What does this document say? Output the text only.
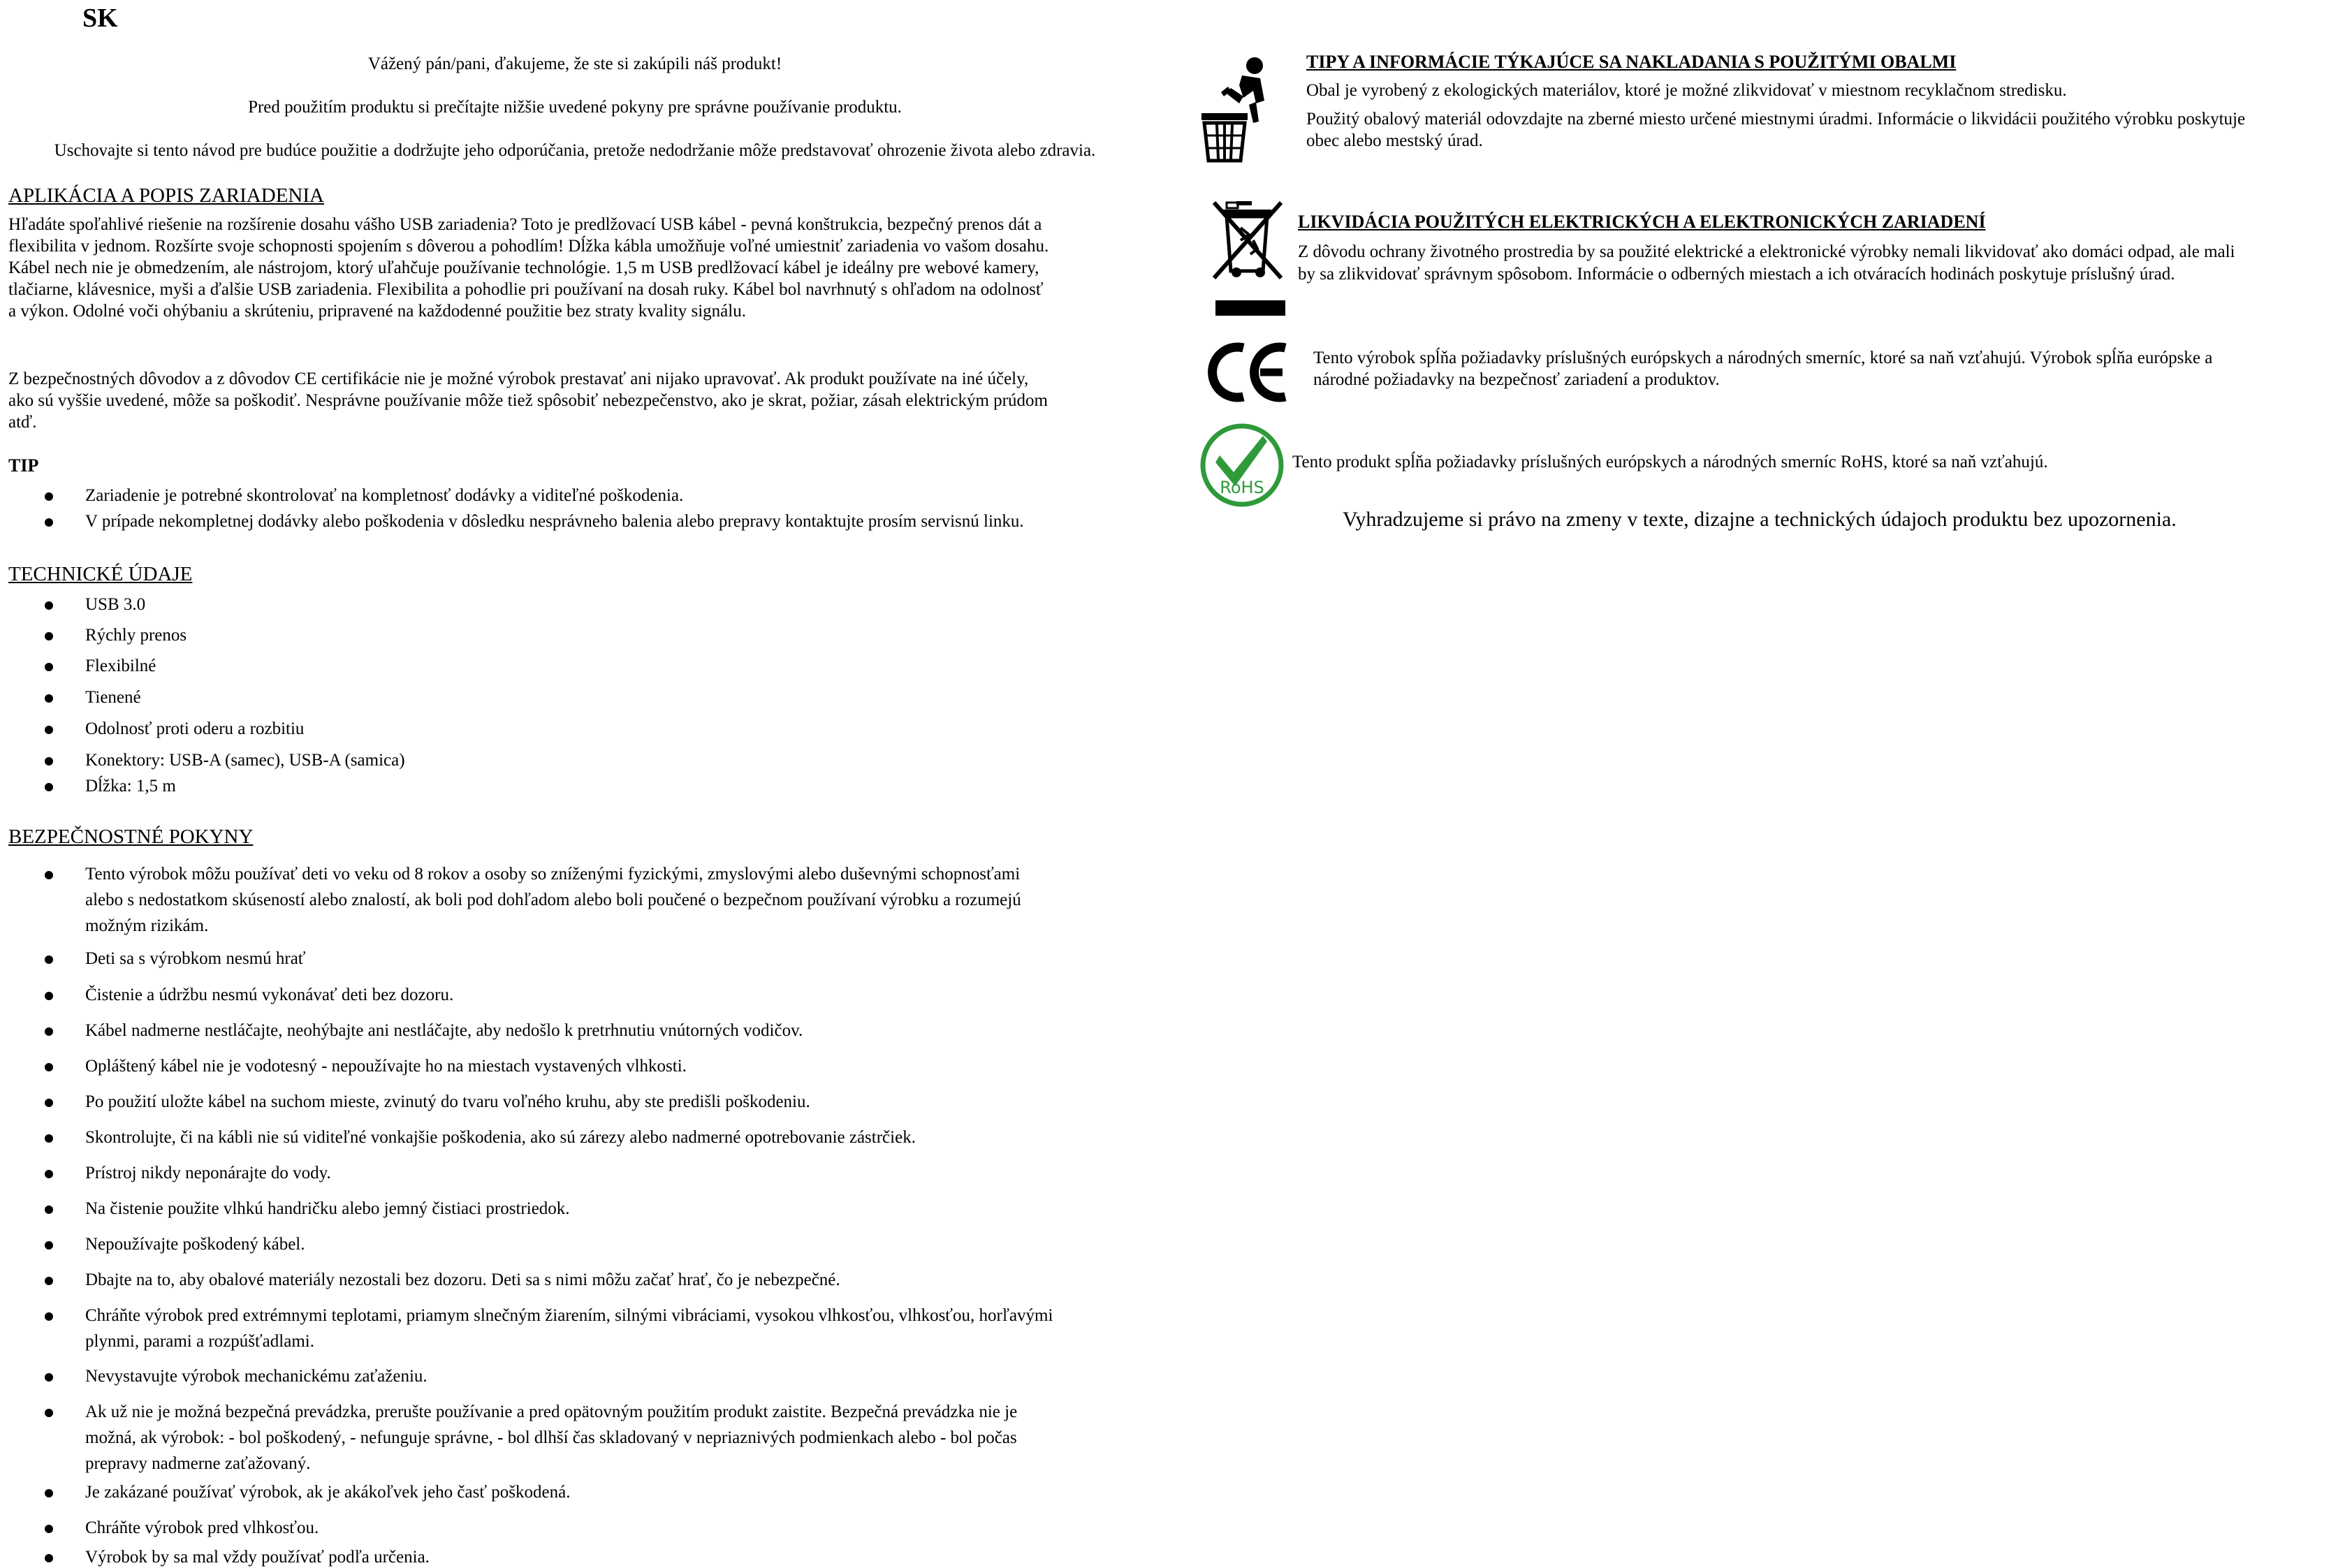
SK
Vážený pán/pani, ďakujeme, že ste si zakúpili náš produkt!
Pred použitím produktu si prečítajte nižšie uvedené pokyny pre správne používanie produktu.
Uschovajte si tento návod pre budúce použitie a dodržujte jeho odporúčania, pretože nedodržanie môže predstavovať ohrozenie života alebo zdravia.
APLIKÁCIA A POPIS ZARIADENIA
Hľadáte spoľahlivé riešenie na rozšírenie dosahu vášho USB zariadenia? Toto je predlžovací USB kábel - pevná konštrukcia, bezpečný prenos dát a
flexibilita v jednom. Rozšírte svoje schopnosti spojením s dôverou a pohodlím! Dĺžka kábla umožňuje voľné umiestniť zariadenia vo vašom dosahu.
Kábel nech nie je obmedzením, ale nástrojom, ktorý uľahčuje používanie technológie. 1,5 m USB predlžovací kábel je ideálny pre webové kamery,
tlačiarne, klávesnice, myši a ďalšie USB zariadenia. Flexibilita a pohodlie pri používaní na dosah ruky. Kábel bol navrhnutý s ohľadom na odolnosť
a výkon. Odolné voči ohýbaniu a skrúteniu, pripravené na každodenné použitie bez straty kvality signálu.
Z bezpečnostných dôvodov a z dôvodov CE certifikácie nie je možné výrobok prestavať ani nijako upravovať. Ak produkt používate na iné účely,
ako sú vyššie uvedené, môže sa poškodiť. Nesprávne používanie môže tiež spôsobiť nebezpečenstvo, ako je skrat, požiar, zásah elektrickým prúdom
atď.
TIP
Zariadenie je potrebné skontrolovať na kompletnosť dodávky a viditeľné poškodenia.
V prípade nekompletnej dodávky alebo poškodenia v dôsledku nesprávneho balenia alebo prepravy kontaktujte prosím servisnú linku.
TECHNICKÉ ÚDAJE
USB 3.0
Rýchly prenos
Flexibilné
Tienené
Odolnosť proti oderu a rozbitiu
Konektory: USB-A (samec), USB-A (samica)
Dĺžka: 1,5 m
BEZPEČNOSTNÉ POKYNY
Tento výrobok môžu používať deti vo veku od 8 rokov a osoby so zníženými fyzickými, zmyslovými alebo duševnými schopnosťami
alebo s nedostatkom skúseností alebo znalostí, ak boli pod dohľadom alebo boli poučené o bezpečnom používaní výrobku a rozumejú
možným rizikám.
Deti sa s výrobkom nesmú hrať
Čistenie a údržbu nesmú vykonávať deti bez dozoru.
Kábel nadmerne nestláčajte, neohýbajte ani nestláčajte, aby nedošlo k pretrhnutiu vnútorných vodičov.
Opláštený kábel nie je vodotesný - nepoužívajte ho na miestach vystavených vlhkosti.
Po použití uložte kábel na suchom mieste, zvinutý do tvaru voľného kruhu, aby ste predišli poškodeniu.
Skontrolujte, či na kábli nie sú viditeľné vonkajšie poškodenia, ako sú zárezy alebo nadmerné opotrebovanie zástrčiek.
Prístroj nikdy neponárajte do vody.
Na čistenie použite vlhkú handričku alebo jemný čistiaci prostriedok.
Nepoužívajte poškodený kábel.
Dbajte na to, aby obalové materiály nezostali bez dozoru. Deti sa s nimi môžu začať hrať, čo je nebezpečné.
Chráňte výrobok pred extrémnymi teplotami, priamym slnečným žiarením, silnými vibráciami, vysokou vlhkosťou, vlhkosťou, horľavými
plynmi, parami a rozpúšťadlami.
Nevystavujte výrobok mechanickému zaťaženiu.
Ak už nie je možná bezpečná prevádzka, prerušte používanie a pred opätovným použitím produkt zaistite. Bezpečná prevádzka nie je
možná, ak výrobok: - bol poškodený, - nefunguje správne, - bol dlhší čas skladovaný v nepriaznivých podmienkach alebo - bol počas
prepravy nadmerne zaťažovaný.
Je zakázané používať výrobok, ak je akákoľvek jeho časť poškodená.
Chráňte výrobok pred vlhkosťou.
Výrobok by sa mal vždy používať podľa určenia.
TIPY A INFORMÁCIE TÝKAJÚCE SA NAKLADANIA S POUŽITÝMI OBALMI
Obal je vyrobený z ekologických materiálov, ktoré je možné zlikvidovať v miestnom recyklačnom stredisku.
Použitý obalový materiál odovzdajte na zberné miesto určené miestnymi úradmi. Informácie o likvidácii použitého výrobku poskytuje
obec alebo mestský úrad.
LIKVIDÁCIA POUŽITÝCH ELEKTRICKÝCH A ELEKTRONICKÝCH ZARIADENÍ
Z dôvodu ochrany životného prostredia by sa použité elektrické a elektronické výrobky nemali likvidovať ako domáci odpad, ale mali
by sa zlikvidovať správnym spôsobom. Informácie o odberných miestach a ich otváracích hodinách poskytuje príslušný úrad.
Tento výrobok spĺňa požiadavky príslušných európskych a národných smerníc, ktoré sa naň vzťahujú. Výrobok spĺňa európske a
národné požiadavky na bezpečnosť zariadení a produktov.
RoHS
Tento produkt spĺňa požiadavky príslušných európskych a národných smerníc RoHS, ktoré sa naň vzťahujú.
Vyhradzujeme si právo na zmeny v texte, dizajne a technických údajoch produktu bez upozornenia.
